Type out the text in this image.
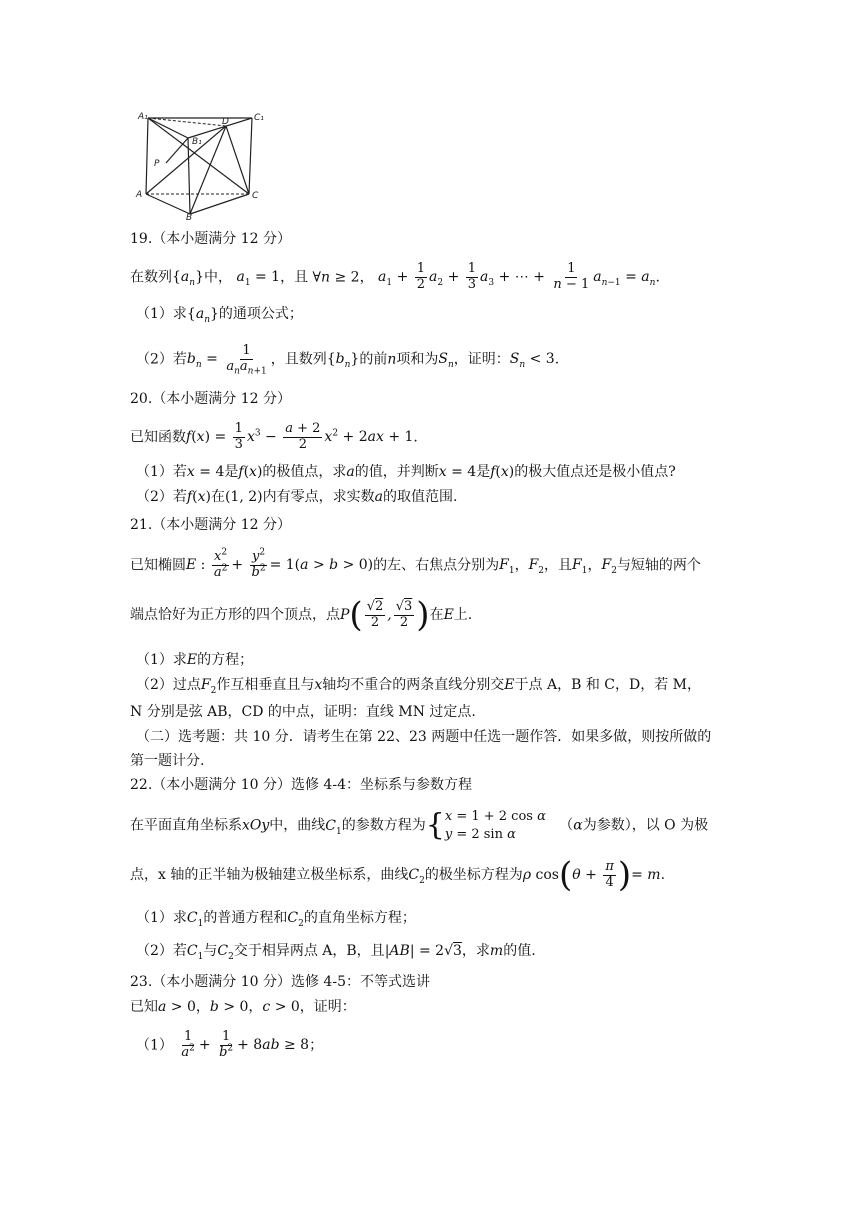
A₁	C₁
B₁
D
P
A
B
C
19.（本小题满分 12 分）
在数列$\{a_n\}$中， $a_1 = 1$，且 ∀n ≥ 2， $a_1 + \frac{1}{2} a_2 + \frac{1}{3} a_3$ + ⋯ + $\frac{1}{n - 1} a_{n-1} = a_n$.
（1）求$\{a_n\}$的通项公式；
（2）若$b_n = \frac{1}{a_na_{n+1}}$ ，且数列$\{b_n\}$的前n项和为$S_n$，证明：$S_n < 3$.
20.（本小题满分 12 分）
已知函数$f(x) = \frac{1}{3} x^3 - \frac{a + 2}{2} x^2 + 2ax + 1$.
（1）若x = 4是f(x)的极值点，求a的值，并判断x = 4是f(x)的极大值点还是极小值点?
（2）若f(x)在(1, 2)内有零点，求实数a的取值范围.
21.（本小题满分 12 分）
已知椭圆E : $\frac{x^2}{a^2} + \frac{y^2}{b^2} = 1(a > b > 0)$的左、右焦点分别为$F_1$，$F_2$，且$F_1$，$F_2$与短轴的两个
端点恰好为正方形的四个顶点，点$P( \frac{√2}{2}$ , $\frac{√3}{2}$ )在E上.
（1）求E的方程；
（2）过点$F_2$作互相垂直且与x轴均不重合的两条直线分别交E于点 A，B 和 C，D，若 M，
N 分别是弦 AB，CD 的中点，证明：直线 MN 过定点.
（二）选考题：共 10 分．请考生在第 22、23 两题中任选一题作答．如果多做，则按所做的
第一题计分.
22.（本小题满分 10 分）选修 4-4：坐标系与参数方程
在平面直角坐标系xOy中，曲线$C_1$的参数方程为{ x = 1 + 2 cos α
y = 2 sin α
（α为参数），以 O 为极
点，x 轴的正半轴为极轴建立极坐标系，曲线$C_2$的极坐标方程为ρ $\cos(\theta + \frac{\pi}{4}$ )= m.
（1）求$C_1$的普通方程和$C_2$的直角坐标方程；
（2）若$C_1$与$C_2$交于相异两点 A，B，且|AB| = 2√3，求m的值.
23.（本小题满分 10 分）选修 4-5：不等式选讲
已知a > 0，b > 0，c > 0，证明：
$(1) \frac{1}{a^2} + \frac{1}{b^2} + 8ab \ge 8$；
